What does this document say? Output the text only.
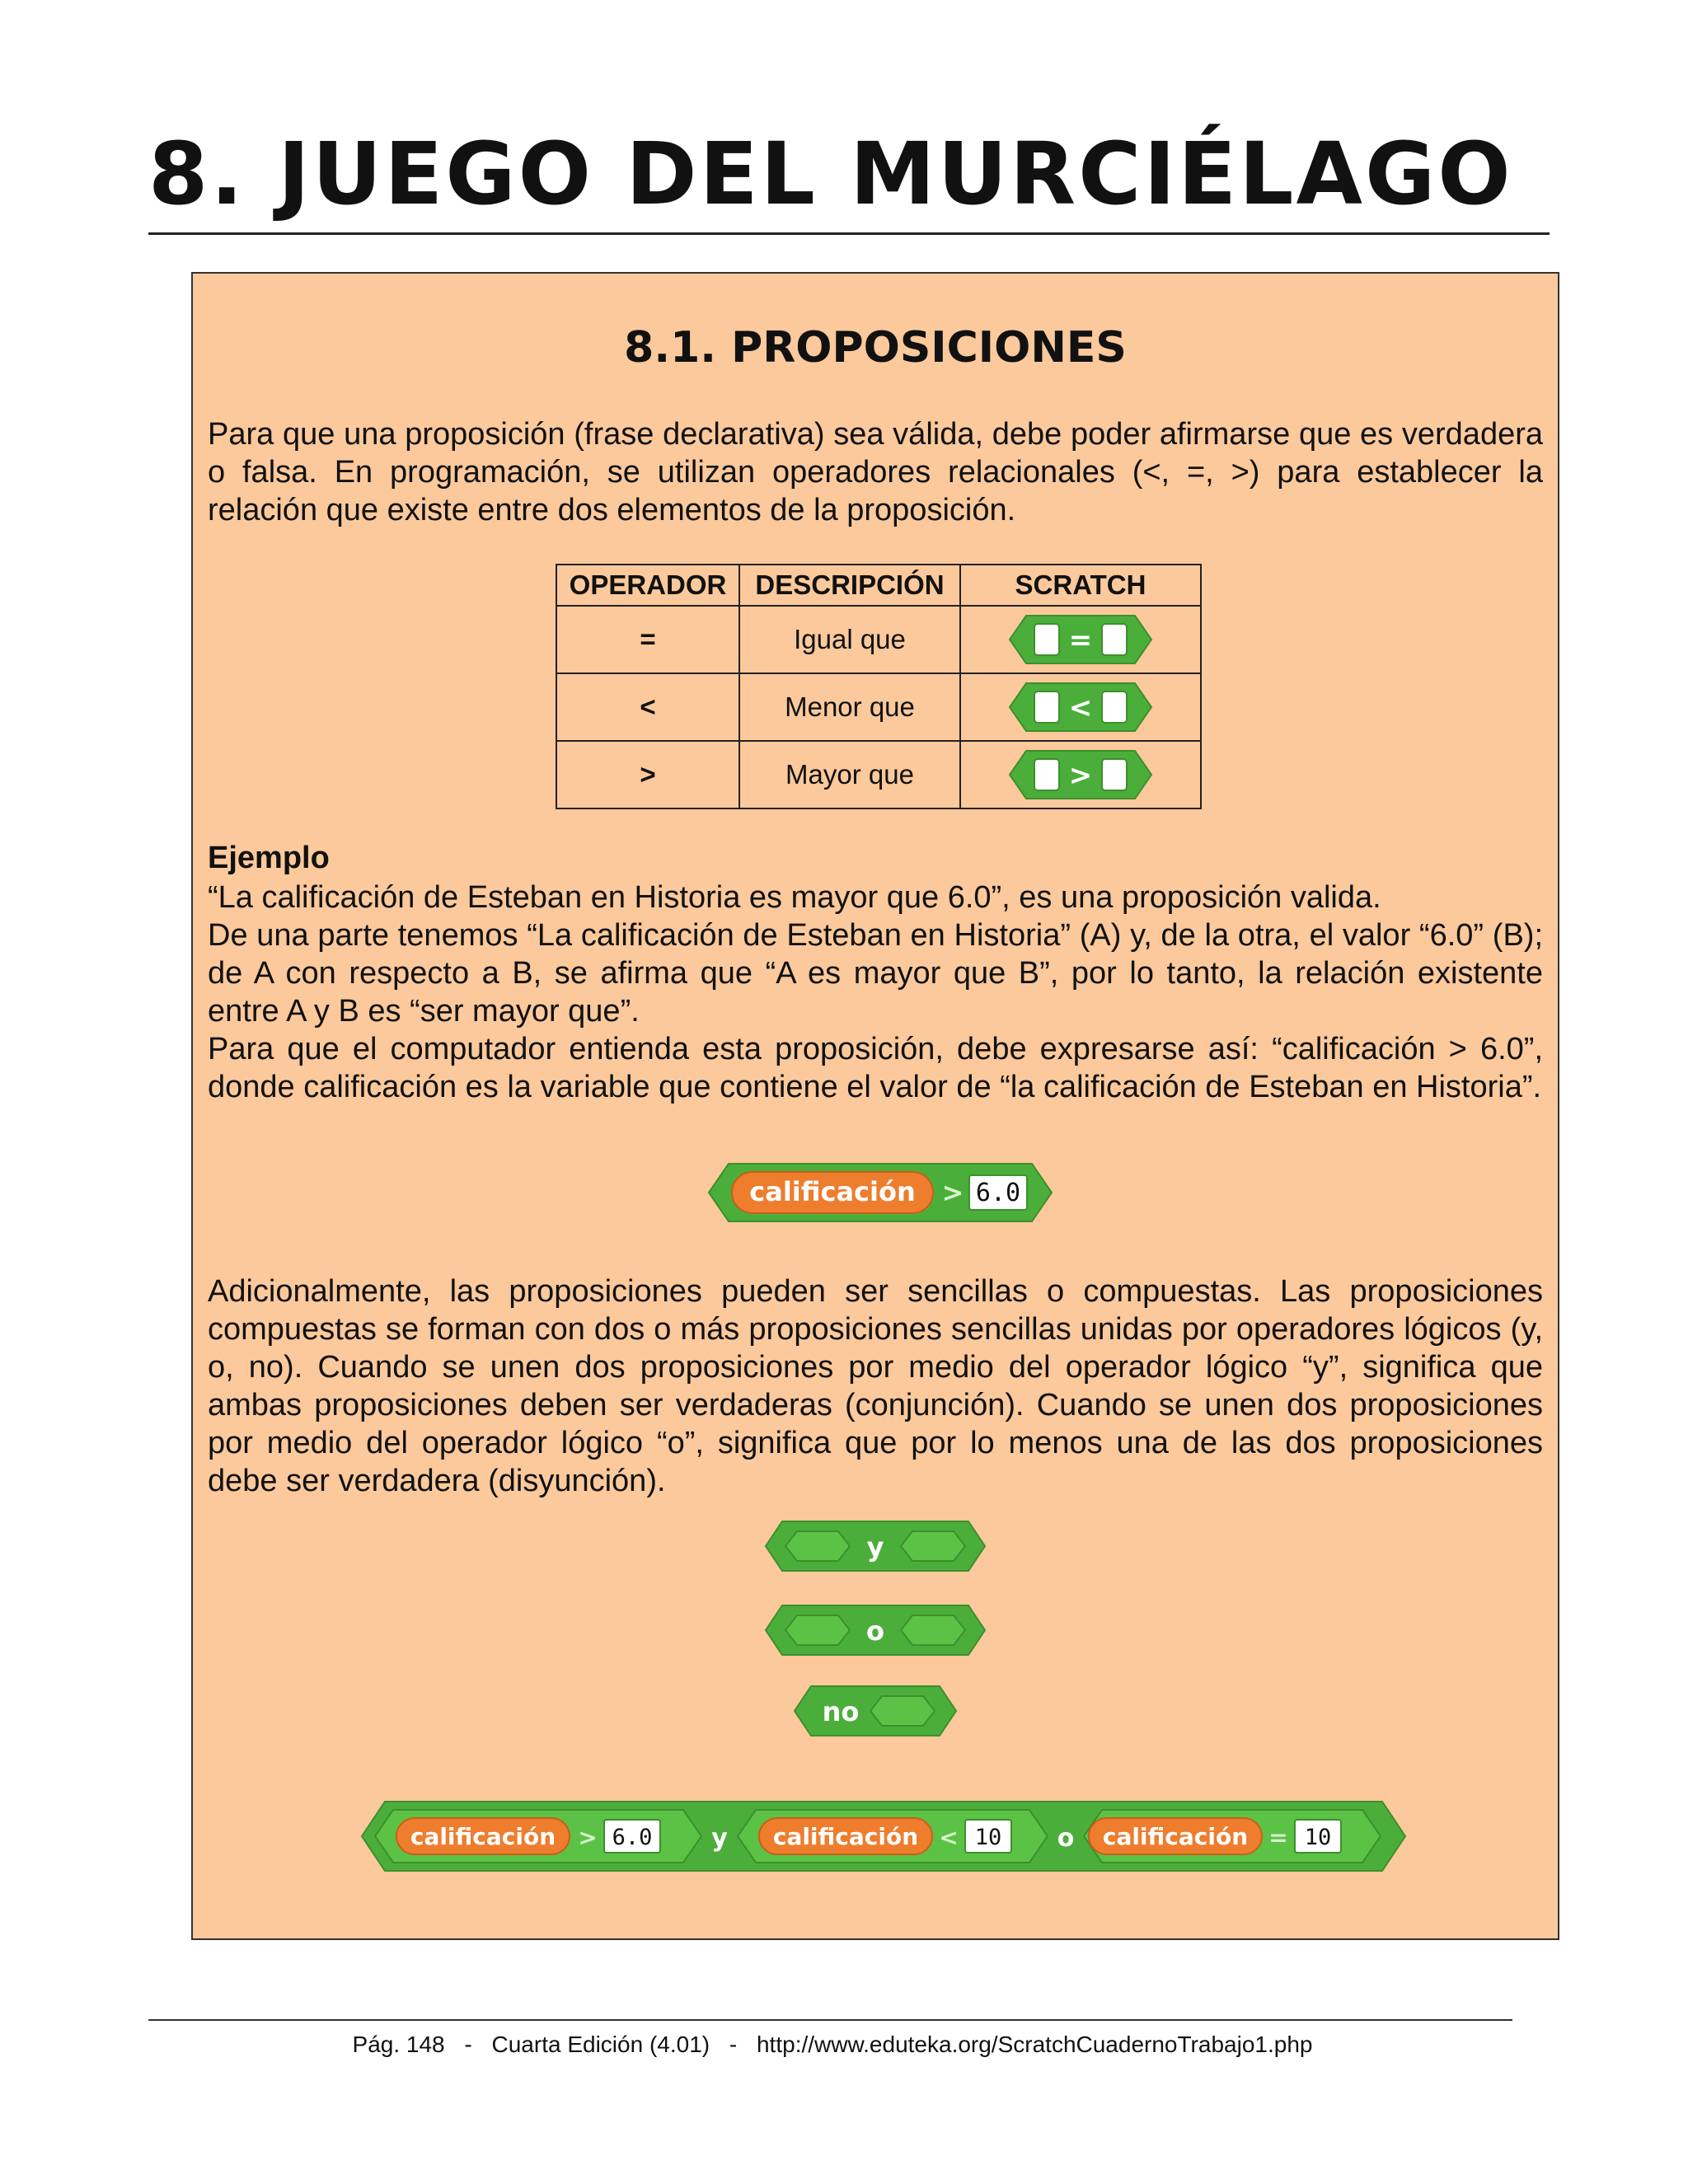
8. JUEGO DEL MURCIÉLAGO
8.1. PROPOSICIONES

Para que una proposición (frase declarativa) sea válida, debe poder afirmarse que es verdadera o falsa. En programación, se utilizan operadores relacionales (<, =, >) para establecer la relación que existe entre dos elementos de la proposición.

OPERADOR	DESCRIPCIÓN	SCRATCH
=	Igual que	=

<	Menor que	<

>	Mayor que	>

Ejemplo

“La calificación de Esteban en Historia es mayor que 6.0”, es una proposición valida.
De una parte tenemos “La calificación de Esteban en Historia” (A) y, de la otra, el valor “6.0” (B); de A con respecto a B, se afirma que “A es mayor que B”, por lo tanto, la relación existente entre A y B es “ser mayor que”.
Para que el computador entienda esta proposición, debe expresarse así: “calificación > 6.0”, donde calificación es la variable que contiene el valor de “la calificación de Esteban en Historia”.

calificación > 6.0

Adicionalmente, las proposiciones pueden ser sencillas o compuestas. Las proposiciones compuestas se forman con dos o más proposiciones sencillas unidas por operadores lógicos (y, o, no). Cuando se unen dos proposiciones por medio del operador lógico “y”, significa que ambas proposiciones deben ser verdaderas (conjunción). Cuando se unen dos proposiciones por medio del operador lógico “o”, significa que por lo menos una de las dos proposiciones debe ser verdadera (disyunción).

y
o
no
calificación > 6.0 y calificación < 10 o calificación = 10
Pág. 148 - Cuarta Edición (4.01) - http://www.eduteka.org/ScratchCuadernoTrabajo1.php
